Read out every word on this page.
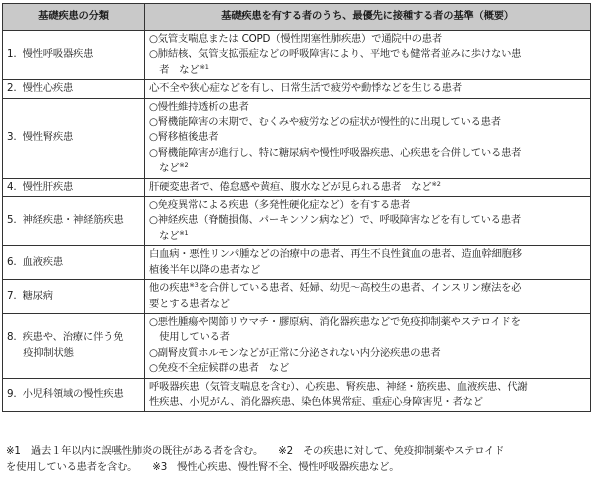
基礎疾患の分類	基礎疾患を有する者のうち、最優先に接種する者の基準（概要）
1.  慢性呼吸器疾患	○気管支喘息または COPD（慢性閉塞性肺疾患）で通院中の患者
○肺結核、気管支拡張症などの呼吸障害により、平地でも健常者並みに歩けない患
　者　など$^{※1}$

2.  慢性心疾患	心不全や狭心症などを有し、日常生活で疲労や動悸などを生じる患者

3.  慢性腎疾患	○慢性維持透析の患者
○腎機能障害の末期で、むくみや疲労などの症状が慢性的に出現している患者
○腎移植後患者
○腎機能障害が進行し、特に糖尿病や慢性呼吸器疾患、心疾患を合併している患者
　など$^{※2}$

4.  慢性肝疾患	肝硬変患者で、倦怠感や黄疸、腹水などが見られる患者　など$^{※2}$

5.  神経疾患・神経筋疾患	○免疫異常による疾患（多発性硬化症など）を有する患者
○神経疾患（脊髄損傷、パーキンソン病など）で、呼吸障害などを有している患者
　など$^{※1}$

6.  血液疾患	白血病・悪性リンパ腫などの治療中の患者、再生不良性貧血の患者、造血幹細胞移
植後半年以降の患者など

7.  糖尿病	他の疾患$^{※3}$を合併している患者、妊婦、幼児～高校生の患者、インスリン療法を必
要とする患者など

8.  疾患や、治療に伴う免
　  疫抑制状態	○悪性腫瘍や関節リウマチ・膠原病、消化器疾患などで免疫抑制薬やステロイドを
　使用している者
○副腎皮質ホルモンなどが正常に分泌されない内分泌疾患の患者
○免疫不全症候群の患者　など

9.  小児科領域の慢性疾患	呼吸器疾患（気管支喘息を含む）、心疾患、腎疾患、神経・筋疾患、血液疾患、代謝
性疾患、小児がん、消化器疾患、染色体異常症、重症心身障害児・者など
※1　過去１年以内に誤嚥性肺炎の既往がある者を含む。　　※2　その疾患に対して、免疫抑制薬やステロイド
を使用している患者を含む。　　※3　慢性心疾患、慢性腎不全、慢性呼吸器疾患など。
